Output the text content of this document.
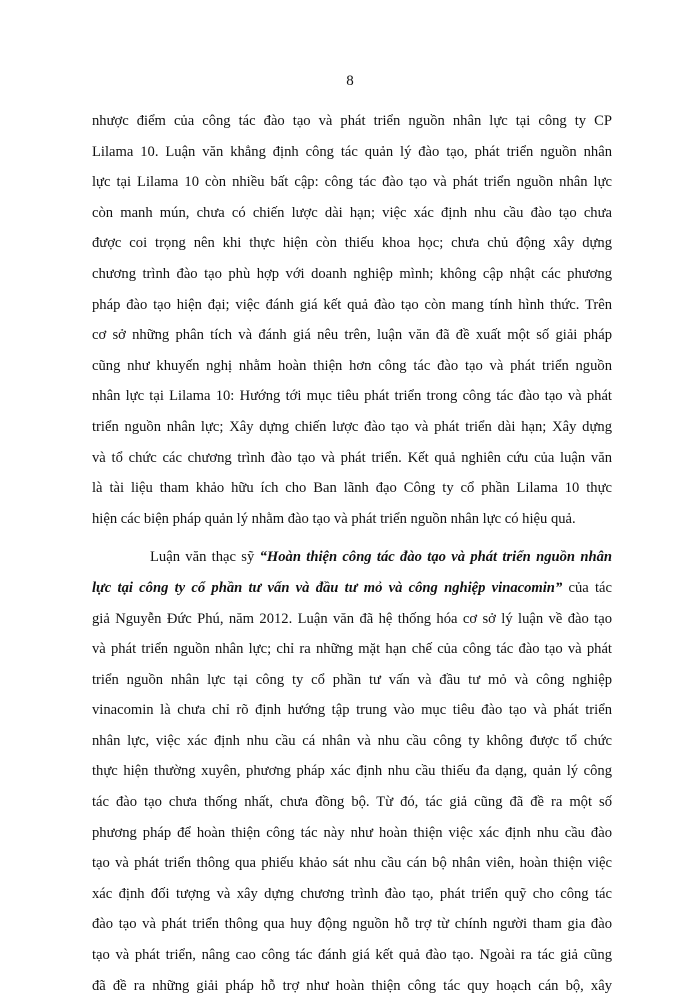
8
nhược điểm của công tác đào tạo và phát triển nguồn nhân lực tại công ty CP
Lilama 10. Luận văn khẳng định công tác quản lý đào tạo, phát triển nguồn nhân
lực tại Lilama 10 còn nhiều bất cập: công tác đào tạo và phát triển nguồn nhân lực
còn manh mún, chưa có chiến lược dài hạn; việc xác định nhu cầu đào tạo chưa
được coi trọng nên khi thực hiện còn thiếu khoa học; chưa chủ động xây dựng
chương trình đào tạo phù hợp với doanh nghiệp mình; không cập nhật các phương
pháp đào tạo hiện đại; việc đánh giá kết quả đào tạo còn mang tính hình thức. Trên
cơ sở những phân tích và đánh giá nêu trên, luận văn đã đề xuất một số giải pháp
cũng như khuyến nghị nhằm hoàn thiện hơn công tác đào tạo và phát triển nguồn
nhân lực tại Lilama 10: Hướng tới mục tiêu phát triển trong công tác đào tạo và phát
triển nguồn nhân lực; Xây dựng chiến lược đào tạo và phát triển dài hạn; Xây dựng
và tổ chức các chương trình đào tạo và phát triển. Kết quả nghiên cứu của luận văn
là tài liệu tham khảo hữu ích cho Ban lãnh đạo Công ty cổ phần Lilama 10 thực
hiện các biện pháp quản lý nhằm đào tạo và phát triển nguồn nhân lực có hiệu quả.
Luận văn thạc sỹ “Hoàn thiện công tác đào tạo và phát triển nguồn nhân
lực tại công ty cổ phần tư vấn và đầu tư mỏ và công nghiệp vinacomin” của tác
giả Nguyễn Đức Phú, năm 2012. Luận văn đã hệ thống hóa cơ sở lý luận về đào tạo
và phát triển nguồn nhân lực; chỉ ra những mặt hạn chế của công tác đào tạo và phát
triển nguồn nhân lực tại công ty cổ phần tư vấn và đầu tư mỏ và công nghiệp
vinacomin là chưa chỉ rõ định hướng tập trung vào mục tiêu đào tạo và phát triển
nhân lực, việc xác định nhu cầu cá nhân và nhu cầu công ty không được tổ chức
thực hiện thường xuyên, phương pháp xác định nhu cầu thiếu đa dạng, quản lý công
tác đào tạo chưa thống nhất, chưa đồng bộ. Từ đó, tác giả cũng đã đề ra một số
phương pháp để hoàn thiện công tác này như hoàn thiện việc xác định nhu cầu đào
tạo và phát triển thông qua phiếu khảo sát nhu cầu cán bộ nhân viên, hoàn thiện việc
xác định đối tượng và xây dựng chương trình đào tạo, phát triển quỹ cho công tác
đào tạo và phát triển thông qua huy động nguồn hỗ trợ từ chính người tham gia đào
tạo và phát triển, nâng cao công tác đánh giá kết quả đào tạo. Ngoài ra tác giả cũng
đã đề ra những giải pháp hỗ trợ như hoàn thiện công tác quy hoạch cán bộ, xây
